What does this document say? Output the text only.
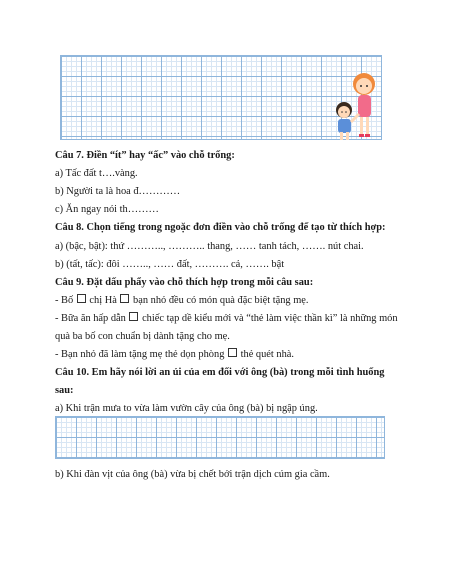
Câu 7. Điền “ít” hay “ấc” vào chỗ trống:
a) Tấc đất t….vàng.
b) Người ta là hoa đ…………
c) Ăn ngay nói th………
Câu 8. Chọn tiếng trong ngoặc đơn điền vào chỗ trống để tạo từ thích hợp:
a) (bậc, bật): thứ ……….., ……….. thang, …… tanh tách, ……. nút chai.
b) (tất, tấc): đôi …….., …… đất, ………. cả, ……. bật
Câu 9. Đặt dấu phẩy vào chỗ thích hợp trong mỗi câu sau:
- Bố chị Hà bạn nhỏ đều có món quà đặc biệt tặng mẹ.
- Bữa ăn hấp dẫn chiếc tạp dề kiểu mới và “thẻ làm việc thần kì” là những món
quà ba bố con chuẩn bị dành tặng cho mẹ.
- Bạn nhỏ đã làm tặng mẹ thẻ dọn phòng thẻ quét nhà.
Câu 10. Em hãy nói lời an ủi của em đối với ông (bà) trong mỗi tình huống
sau:
a) Khi trận mưa to vừa làm vườn cây của ông (bà) bị ngập úng.
b) Khi đàn vịt của ông (bà) vừa bị chết bởi trận dịch cúm gia cầm.
